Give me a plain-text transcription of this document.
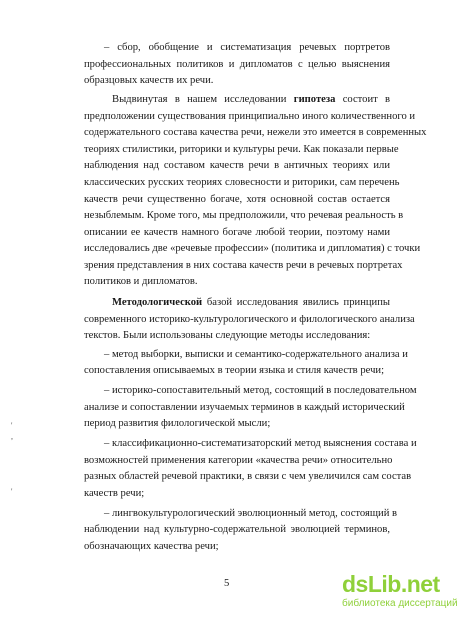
– сбор, обобщение и систематизация речевых портретов
профессиональных политиков и дипломатов с целью выяснения
образцовых качеств их речи.
Выдвинутая в нашем исследовании гипотеза состоит в
предположении существования принципиально иного количественного и
содержательного состава качества речи, нежели это имеется в современных
теориях стилистики, риторики и культуры речи. Как показали первые
наблюдения над составом качеств речи в античных теориях или
классических русских теориях словесности и риторики, сам перечень
качеств речи существенно богаче, хотя основной состав остается
незыблемым. Кроме того, мы предположили, что речевая реальность в
описании ее качеств намного богаче любой теории, поэтому нами
исследовались две «речевые профессии» (политика и дипломатия) с точки
зрения представления в них состава качеств речи в речевых портретах
политиков и дипломатов.
Методологической базой исследования явились принципы
современного историко-культурологического и филологического анализа
текстов. Были использованы следующие методы исследования:
– метод выборки, выписки и семантико-содержательного анализа и
сопоставления описываемых в теории языка и стиля качеств речи;
– историко-сопоставительный метод, состоящий в последовательном
анализе и сопоставлении изучаемых терминов в каждый исторический
период развития филологической мысли;
– классификационно-систематизаторский метод выяснения состава и
возможностей применения категории «качества речи» относительно
разных областей речевой практики, в связи с чем увеличился сам состав
качеств речи;
– лингвокультурологический эволюционный метод, состоящий в
наблюдении над культурно-содержательной эволюцией терминов,
обозначающих качества речи;
5
'
,
'
dsLib.net
библиотека диссертаций
